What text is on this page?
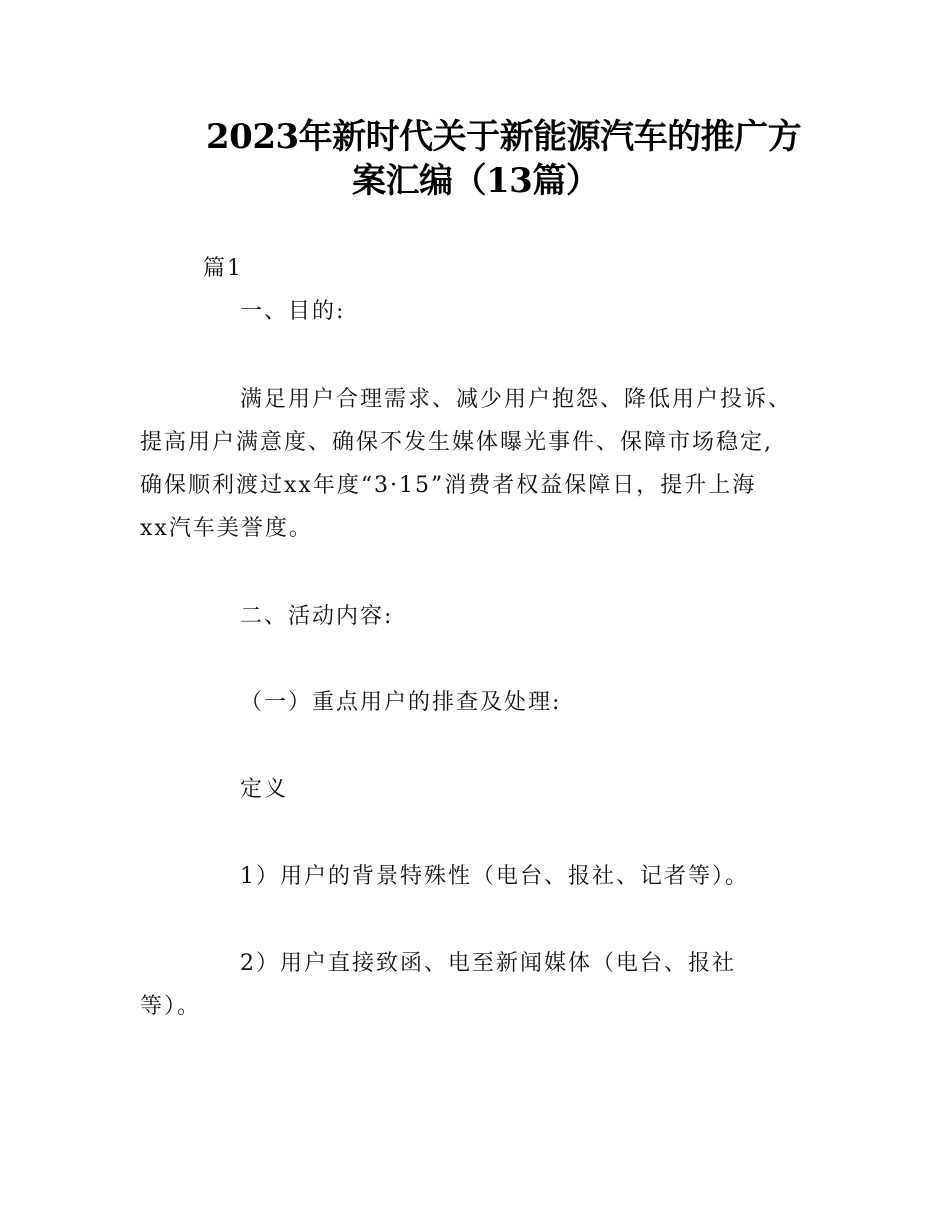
2023年新时代关于新能源汽车的推广方
案汇编（13篇）
篇1
一、目的:
满足用户合理需求、减少用户抱怨、降低用户投诉、
提高用户满意度、确保不发生媒体曝光事件、保障市场稳定,
确保顺利渡过xx年度“3·15”消费者权益保障日，提升上海
xx汽车美誉度。
二、活动内容:
（一）重点用户的排查及处理:
定义
1）用户的背景特殊性（电台、报社、记者等）。
2）用户直接致函、电至新闻媒体（电台、报社
等）。
